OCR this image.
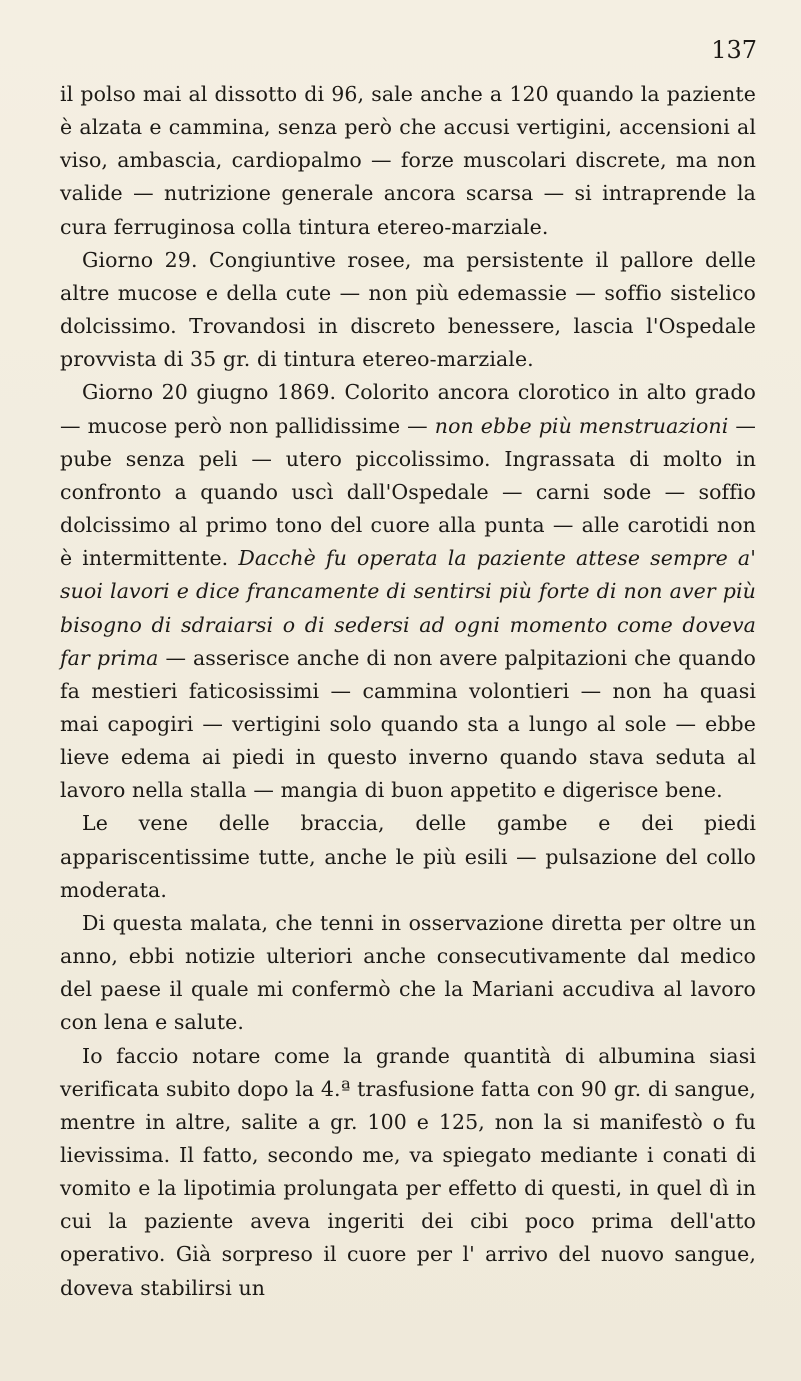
137

il polso mai al dissotto di 96, sale anche a 120 quando la paziente è alzata e cammina, senza però che accusi vertigini, accensioni al viso, ambascia, cardiopalmo — forze muscolari discrete, ma non valide — nutrizione generale ancora scarsa — si intraprende la cura ferruginosa colla tintura etereo-marziale.

Giorno 29. Congiuntive rosee, ma persistente il pallore delle altre mucose e della cute — non più edemassie — soffio sistelico dolcissimo. Trovandosi in discreto benessere, lascia l'Ospedale provvista di 35 gr. di tintura etereo-marziale.

Giorno 20 giugno 1869. Colorito ancora clorotico in alto grado — mucose però non pallidissime — non ebbe più menstruazioni — pube senza peli — utero piccolissimo. Ingrassata di molto in confronto a quando uscì dall'Ospedale — carni sode — soffio dolcissimo al primo tono del cuore alla punta — alle carotidi non è intermittente. Dacchè fu operata la paziente attese sempre a' suoi lavori e dice francamente di sentirsi più forte di non aver più bisogno di sdraiarsi o di sedersi ad ogni momento come doveva far prima — asserisce anche di non avere palpitazioni che quando fa mestieri faticosissimi — cammina volontieri — non ha quasi mai capogiri — vertigini solo quando sta a lungo al sole — ebbe lieve edema ai piedi in questo inverno quando stava seduta al lavoro nella stalla — mangia di buon appetito e digerisce bene.

Le vene delle braccia, delle gambe e dei piedi appariscentissime tutte, anche le più esili — pulsazione del collo moderata.

Di questa malata, che tenni in osservazione diretta per oltre un anno, ebbi notizie ulteriori anche consecutivamente dal medico del paese il quale mi confermò che la Mariani accudiva al lavoro con lena e salute.

Io faccio notare come la grande quantità di albumina siasi verificata subito dopo la 4.ª trasfusione fatta con 90 gr. di sangue, mentre in altre, salite a gr. 100 e 125, non la si manifestò o fu lievissima. Il fatto, secondo me, va spiegato mediante i conati di vomito e la lipotimia prolungata per effetto di questi, in quel dì in cui la paziente aveva ingeriti dei cibi poco prima dell'atto operativo. Già sorpreso il cuore per l' arrivo del nuovo sangue, doveva stabilirsi un
